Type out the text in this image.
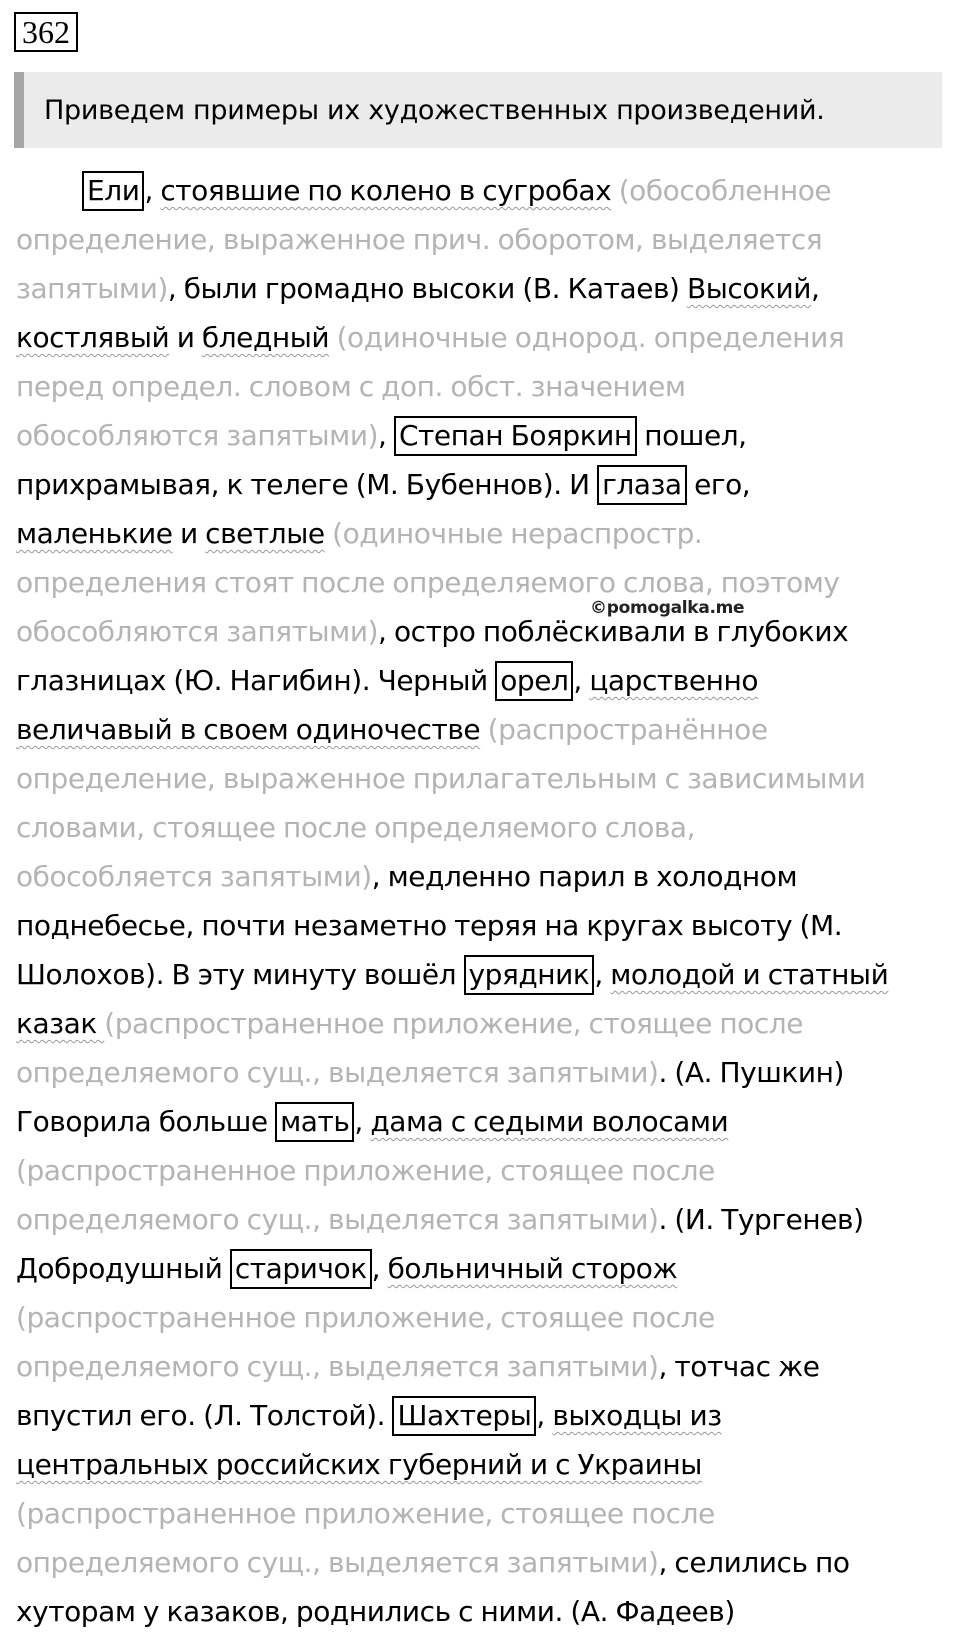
362
Приведем примеры их художественных произведений.
Ели , стоявшие по колено в сугробах (обособленное
определение, выраженное прич. оборотом, выделяется
запятыми), были громадно высоки (В. Катаев) Высокий,
костлявый и бледный (одиночные однород. определения
перед определ. словом с доп. обст. значением
обособляются запятыми), Степан Бояркин пошел,
прихрамывая, к телеге (М. Бубеннов). И глаза его,
маленькие и светлые (одиночные нераспростр.
определения стоят после определяемого слова, поэтому
обособляются запятыми), остро поблёскивали в глубоких
глазницах (Ю. Нагибин). Черный орел , царственно
величавый в своем одиночестве (распространённое
определение, выраженное прилагательным с зависимыми
словами, стоящее после определяемого слова,
обособляется запятыми), медленно парил в холодном
поднебесье, почти незаметно теряя на кругах высоту (М.
Шолохов). В эту минуту вошёл урядник , молодой и статный
казак (распространенное приложение, стоящее после
определяемого сущ., выделяется запятыми). (А. Пушкин)
Говорила больше мать , дама с седыми волосами
(распространенное приложение, стоящее после
определяемого сущ., выделяется запятыми). (И. Тургенев)
Добродушный старичок , больничный сторож
(распространенное приложение, стоящее после
определяемого сущ., выделяется запятыми), тотчас же
впустил его. (Л. Толстой). Шахтеры , выходцы из
центральных российских губерний и с Украины
(распространенное приложение, стоящее после
определяемого сущ., выделяется запятыми), селились по
хуторам у казаков, роднились с ними. (А. Фадеев)
©pomogalka.me
